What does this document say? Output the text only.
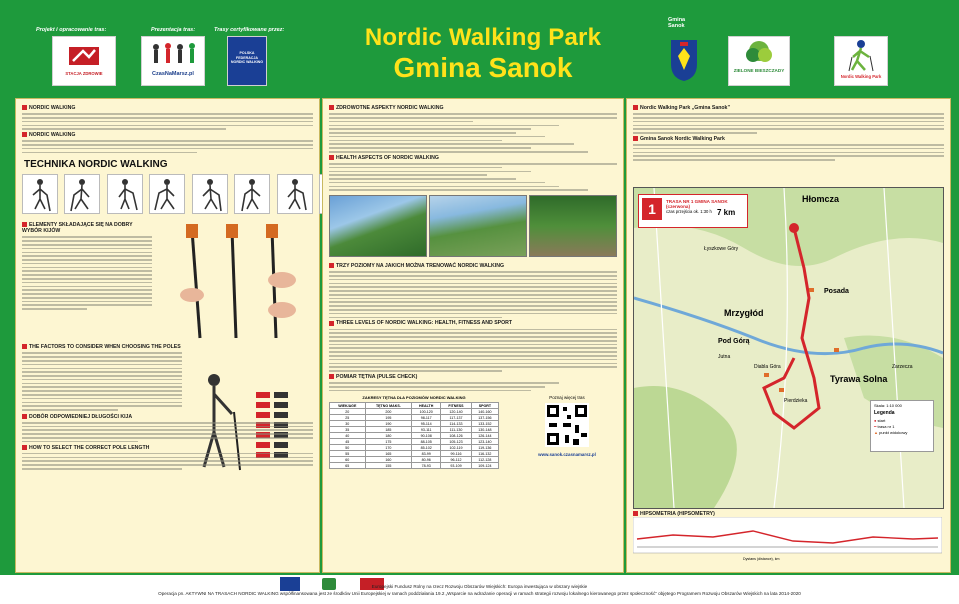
Projekt i opracowanie tras:	Prezentacja tras:	Trasy certyfikowane przez:
STACJA ZDROWIE	CzasNaMarsz.pl
POLSKA FEDERACJA NORDIC WALKING
Nordic Walking Park
Gmina Sanok
Gmina Sanok
ZIELONE BIESZCZADY
Nordic Walking Park
NORDIC WALKING
NORDIC WALKING
TECHNIKA NORDIC WALKING

ELEMENTY SKŁADAJĄCE SIĘ NA DOBRY WYBÓR KIJÓW
THE FACTORS TO CONSIDER WHEN CHOOSING THE POLES
DOBÓR ODPOWIEDNIEJ DŁUGOŚCI KIJA
HOW TO SELECT THE CORRECT POLE LENGTH
ZDROWOTNE ASPEKTY NORDIC WALKING
HEALTH ASPECTS OF NORDIC WALKING
TRZY POZIOMY NA JAKICH MOŻNA TRENOWAĆ NORDIC WALKING
THREE LEVELS OF NORDIC WALKING: HEALTH, FITNESS AND SPORT
POMIAR TĘTNA (PULSE CHECK)
ZAKRESY TĘTNA DLA POZIOMÓW NORDIC WALKING
WIEK/AGE	TĘTNO MAKS.	HEALTH	FITNESS	SPORT
20	200	100-120	120-140	140-160
25	195	98-117	117-137	137-156
30	190	95-114	114-133	133-152
35	185	93-111	111-130	130-148
40	180	90-108	108-126	126-144
45	175	88-105	105-123	123-140
50	170	85-102	102-119	119-136
55	165	83-99	99-116	116-132
60	160	80-96	96-112	112-128
65	155	78-93	93-109	109-124
Poznaj więcej tras
www.sanok.czasnamarsz.pl
Nordic Walking Park „Gmina Sanok”
Gmina Sanok Nordic Walking Park
1	TRASA NR 1 GMINA SANOK (czerwona)
czas przejścia ok. 1:30 h 7 km
Hłomcza
Łyszkowe Góry
Posada
Mrzygłód
Pod Górą
Jutna
Tyrawa Solna
Zarzecza
Diabla Góra
Pierdzieka
Skala: 1:10 000
Legenda
● start
━ trasa nr 1
▲ punkt widokowy
HIPSOMETRIA (HIPSOMETRY)
Dystans (distance), km
Europejski Fundusz Rolny na rzecz Rozwoju Obszarów Wiejskich: Europa inwestująca w obszary wiejskie
Operacja pn. AKTYWNI NA TRASACH NORDIC WALKING współfinansowana jest ze środków Unii Europejskiej w ramach poddziałania 19.2 „Wsparcie na wdrażanie operacji w ramach strategii rozwoju lokalnego kierowanego przez społeczność” objętego Programem Rozwoju Obszarów Wiejskich na lata 2014-2020
